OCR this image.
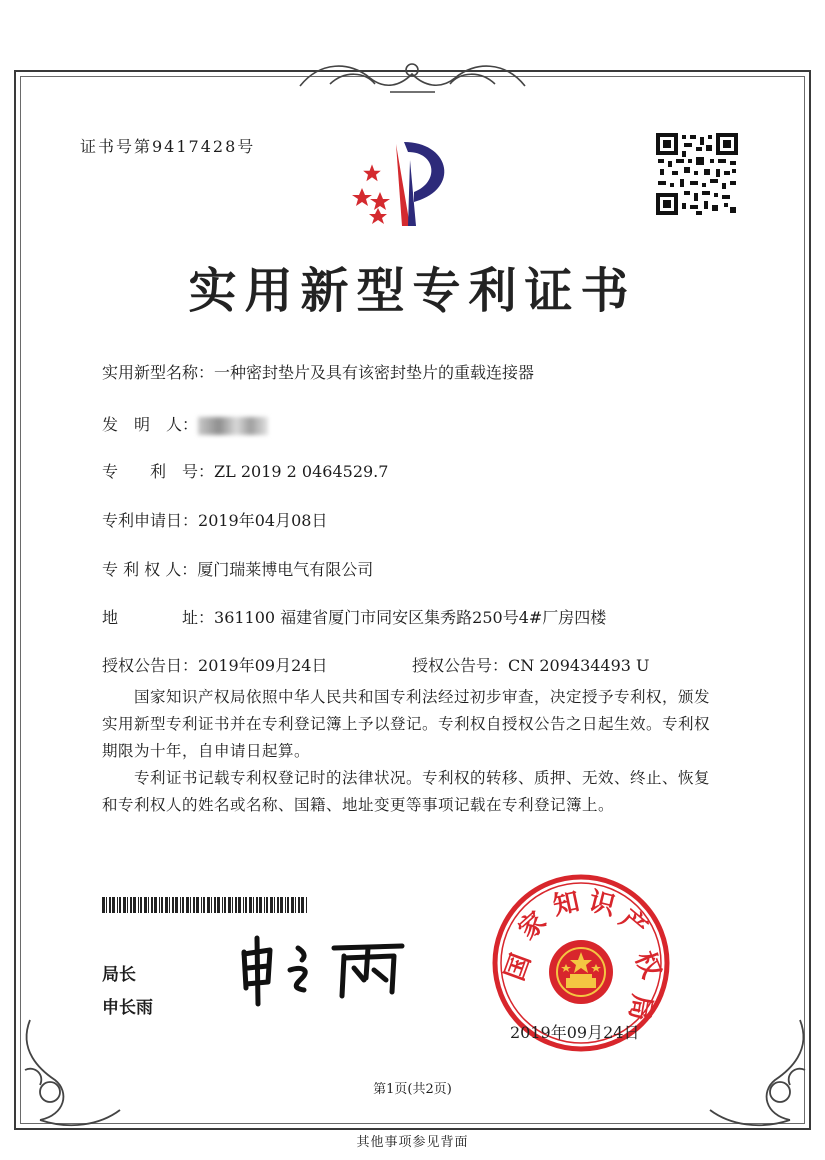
证书号第9417428号
实用新型专利证书
实用新型名称：一种密封垫片及具有该密封垫片的重载连接器
发　明　人：
专　　利　号：ZL 2019 2 0464529.7
专利申请日：2019年04月08日
专 利 权 人：厦门瑞莱博电气有限公司
地　　　　址：361100 福建省厦门市同安区集秀路250号4#厂房四楼
授权公告日：2019年09月24日	授权公告号：CN 209434493 U
国家知识产权局依照中华人民共和国专利法经过初步审查，决定授予专利权，颁发实用新型专利证书并在专利登记簿上予以登记。专利权自授权公告之日起生效。专利权期限为十年，自申请日起算。
专利证书记载专利权登记时的法律状况。专利权的转移、质押、无效、终止、恢复和专利权人的姓名或名称、国籍、地址变更等事项记载在专利登记簿上。
局长
申长雨
国
家
知 识
产
权
局
2019年09月24日
第1页(共2页)
其他事项参见背面
